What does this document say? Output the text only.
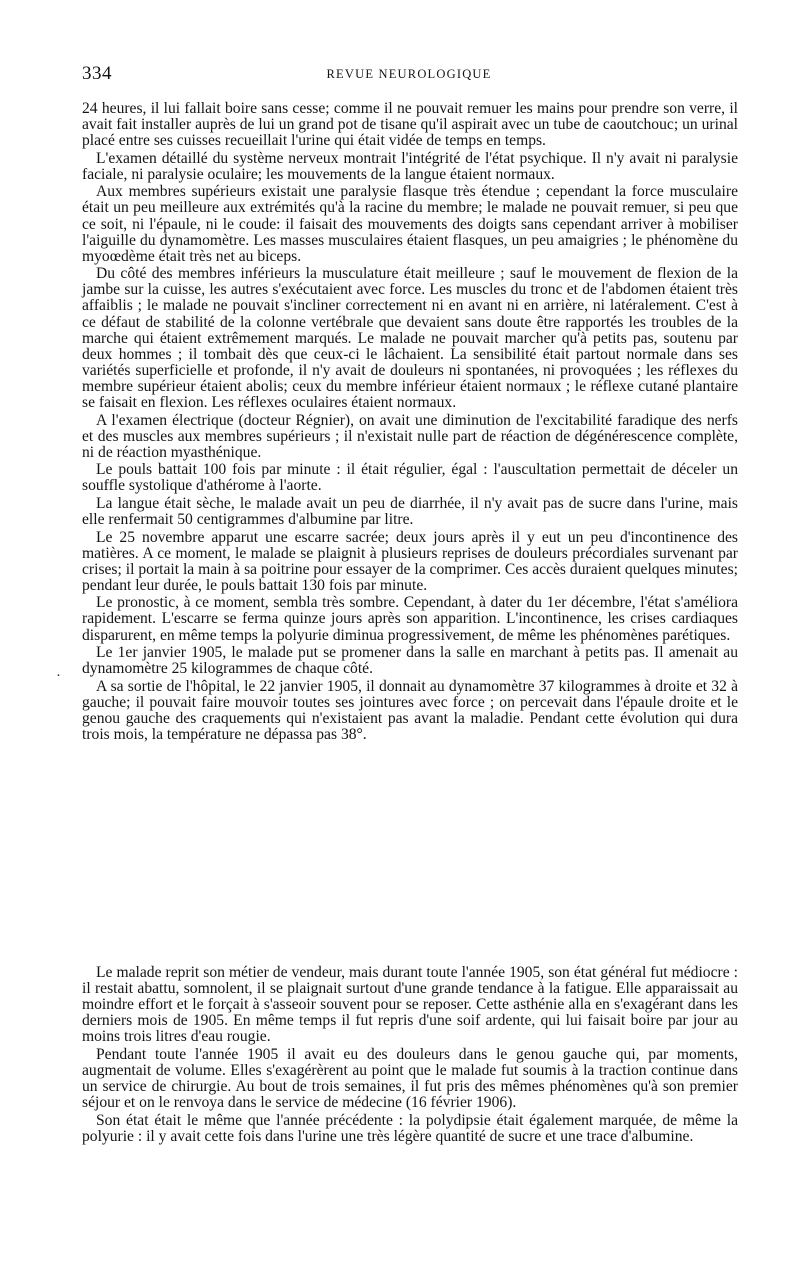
334	REVUE NEUROLOGIQUE
·

24 heures, il lui fallait boire sans cesse; comme il ne pouvait remuer les mains pour prendre son verre, il avait fait installer auprès de lui un grand pot de tisane qu'il aspirait avec un tube de caoutchouc; un urinal placé entre ses cuisses recueillait l'urine qui était vidée de temps en temps.

L'examen détaillé du système nerveux montrait l'intégrité de l'état psychique. Il n'y avait ni paralysie faciale, ni paralysie oculaire; les mouvements de la langue étaient normaux.

Aux membres supérieurs existait une paralysie flasque très étendue ; cependant la force musculaire était un peu meilleure aux extrémités qu'à la racine du membre; le malade ne pouvait remuer, si peu que ce soit, ni l'épaule, ni le coude: il faisait des mouvements des doigts sans cependant arriver à mobiliser l'aiguille du dynamomètre. Les masses musculaires étaient flasques, un peu amaigries ; le phénomène du myoœdème était très net au biceps.

Du côté des membres inférieurs la musculature était meilleure ; sauf le mouvement de flexion de la jambe sur la cuisse, les autres s'exécutaient avec force. Les muscles du tronc et de l'abdomen étaient très affaiblis ; le malade ne pouvait s'incliner correctement ni en avant ni en arrière, ni latéralement. C'est à ce défaut de stabilité de la colonne vertébrale que devaient sans doute être rapportés les troubles de la marche qui étaient extrêmement marqués. Le malade ne pouvait marcher qu'à petits pas, soutenu par deux hommes ; il tombait dès que ceux-ci le lâchaient. La sensibilité était partout normale dans ses variétés superficielle et profonde, il n'y avait de douleurs ni spontanées, ni provoquées ; les réflexes du membre supérieur étaient abolis; ceux du membre inférieur étaient normaux ; le réflexe cutané plantaire se faisait en flexion. Les réflexes oculaires étaient normaux.

A l'examen électrique (docteur Régnier), on avait une diminution de l'excitabilité faradique des nerfs et des muscles aux membres supérieurs ; il n'existait nulle part de réaction de dégénérescence complète, ni de réaction myasthénique.

Le pouls battait 100 fois par minute : il était régulier, égal : l'auscultation permettait de déceler un souffle systolique d'athérome à l'aorte.

La langue était sèche, le malade avait un peu de diarrhée, il n'y avait pas de sucre dans l'urine, mais elle renfermait 50 centigrammes d'albumine par litre.

Le 25 novembre apparut une escarre sacrée; deux jours après il y eut un peu d'incontinence des matières. A ce moment, le malade se plaignit à plusieurs reprises de douleurs précordiales survenant par crises; il portait la main à sa poitrine pour essayer de la comprimer. Ces accès duraient quelques minutes; pendant leur durée, le pouls battait 130 fois par minute.

Le pronostic, à ce moment, sembla très sombre. Cependant, à dater du 1er décembre, l'état s'améliora rapidement. L'escarre se ferma quinze jours après son apparition. L'incontinence, les crises cardiaques disparurent, en même temps la polyurie diminua progressivement, de même les phénomènes parétiques.

Le 1er janvier 1905, le malade put se promener dans la salle en marchant à petits pas. Il amenait au dynamomètre 25 kilogrammes de chaque côté.

A sa sortie de l'hôpital, le 22 janvier 1905, il donnait au dynamomètre 37 kilogrammes à droite et 32 à gauche; il pouvait faire mouvoir toutes ses jointures avec force ; on percevait dans l'épaule droite et le genou gauche des craquements qui n'existaient pas avant la maladie. Pendant cette évolution qui dura trois mois, la température ne dépassa pas 38°.

Le malade reprit son métier de vendeur, mais durant toute l'année 1905, son état général fut médiocre : il restait abattu, somnolent, il se plaignait surtout d'une grande tendance à la fatigue. Elle apparaissait au moindre effort et le forçait à s'asseoir souvent pour se reposer. Cette asthénie alla en s'exagérant dans les derniers mois de 1905. En même temps il fut repris d'une soif ardente, qui lui faisait boire par jour au moins trois litres d'eau rougie.

Pendant toute l'année 1905 il avait eu des douleurs dans le genou gauche qui, par moments, augmentait de volume. Elles s'exagérèrent au point que le malade fut soumis à la traction continue dans un service de chirurgie. Au bout de trois semaines, il fut pris des mêmes phénomènes qu'à son premier séjour et on le renvoya dans le service de médecine (16 février 1906).

Son état était le même que l'année précédente : la polydipsie était également marquée, de même la polyurie : il y avait cette fois dans l'urine une très légère quantité de sucre et une trace d'albumine.
